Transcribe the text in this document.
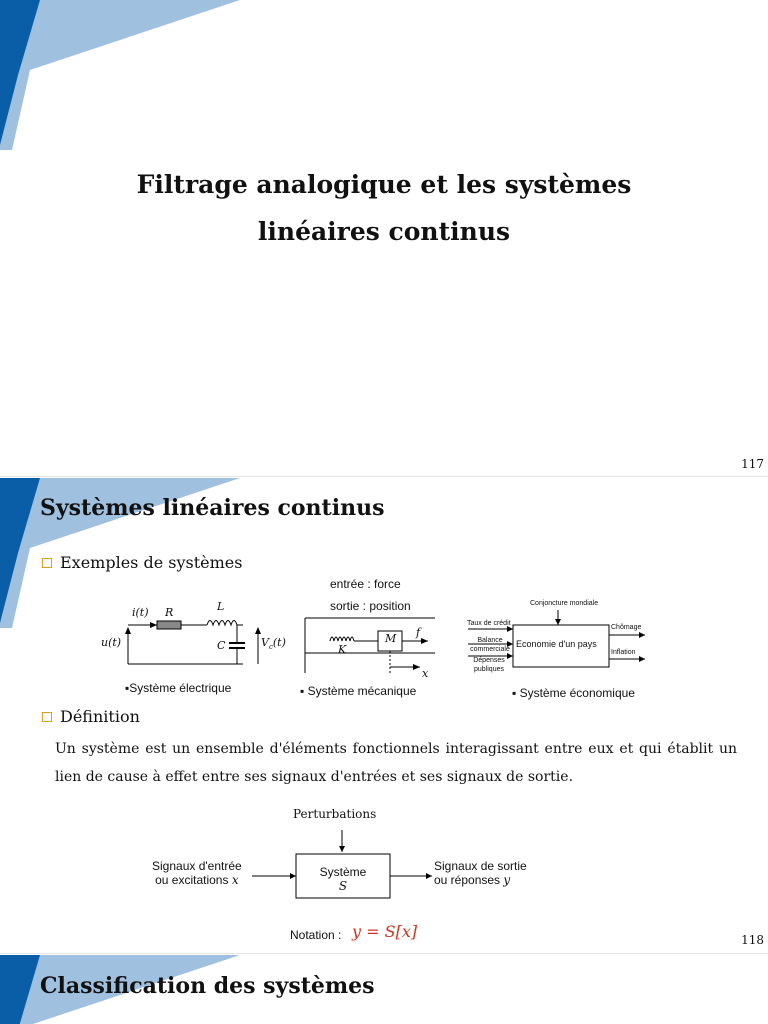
Filtrage analogique et les systèmes
linéaires continus
117
Systèmes linéaires continus
Exemples de systèmes
i(t) R	L
C
u(t)	$V_c(t)$
▪Système électrique
entrée : force
sortie : position
M
K
f
x
▪ Système mécanique
Conjoncture mondiale
Taux de crédit
Balance commerciale
Dépenses publiques
Economie d'un pays
Chômage
Inflation
▪ Système économique
Définition
Un système est un ensemble d'éléments fonctionnels interagissant entre eux et qui établit un lien de cause à effet entre ses signaux d'entrées et ses signaux de sortie.
Perturbations
Signaux d'entrée
ou excitations x
Système
S
Signaux de sortie
ou réponses y
Notation : y = S[x]	118
Classification des systèmes
